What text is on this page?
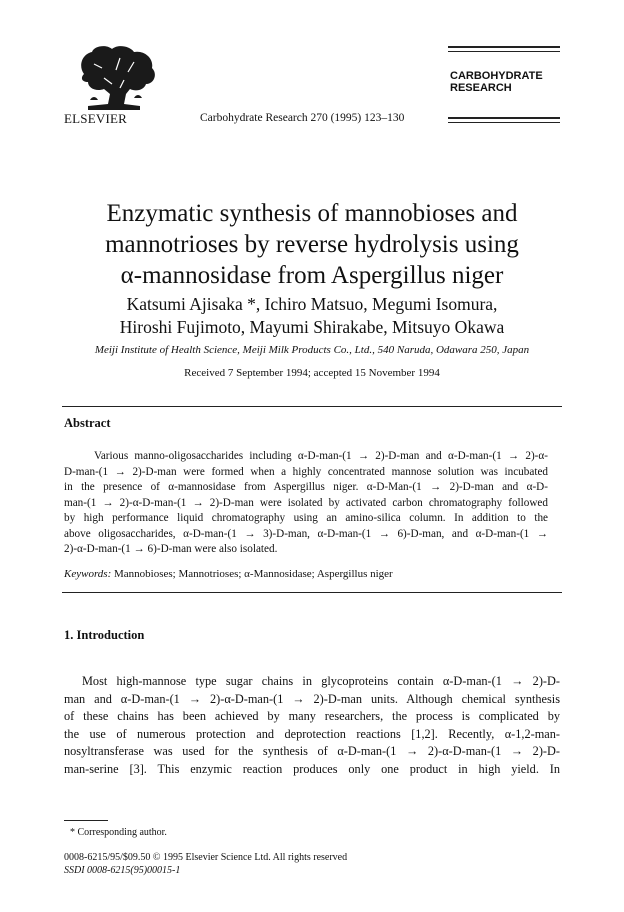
ELSEVIER	Carbohydrate Research 270 (1995) 123–130
CARBOHYDRATE
RESEARCH
Enzymatic synthesis of mannobioses and
mannotrioses by reverse hydrolysis using
α-mannosidase from Aspergillus niger
Katsumi Ajisaka *, Ichiro Matsuo, Megumi Isomura,
Hiroshi Fujimoto, Mayumi Shirakabe, Mitsuyo Okawa
Meiji Institute of Health Science, Meiji Milk Products Co., Ltd., 540 Naruda, Odawara 250, Japan
Received 7 September 1994; accepted 15 November 1994
Abstract
Various manno-oligosaccharides including α-D-man-(1 → 2)-D-man and α-D-man-(1 → 2)-α-
D-man-(1 → 2)-D-man were formed when a highly concentrated mannose solution was incubated
in the presence of α-mannosidase from Aspergillus niger. α-D-Man-(1 → 2)-D-man and α-D-
man-(1 → 2)-α-D-man-(1 → 2)-D-man were isolated by activated carbon chromatography followed
by high performance liquid chromatography using an amino-silica column. In addition to the
above oligosaccharides, α-D-man-(1 → 3)-D-man, α-D-man-(1 → 6)-D-man, and α-D-man-(1 →
2)-α-D-man-(1 → 6)-D-man were also isolated.
Keywords: Mannobioses; Mannotrioses; α-Mannosidase; Aspergillus niger
1. Introduction
Most high-mannose type sugar chains in glycoproteins contain α-D-man-(1 → 2)-D-
man and α-D-man-(1 → 2)-α-D-man-(1 → 2)-D-man units. Although chemical synthesis
of these chains has been achieved by many researchers, the process is complicated by
the use of numerous protection and deprotection reactions [1,2]. Recently, α-1,2-man-
nosyltransferase was used for the synthesis of α-D-man-(1 → 2)-α-D-man-(1 → 2)-D-
man-serine [3]. This enzymic reaction produces only one product in high yield. In
* Corresponding author.
0008-6215/95/$09.50 © 1995 Elsevier Science Ltd. All rights reserved
SSDI 0008-6215(95)00015-1
